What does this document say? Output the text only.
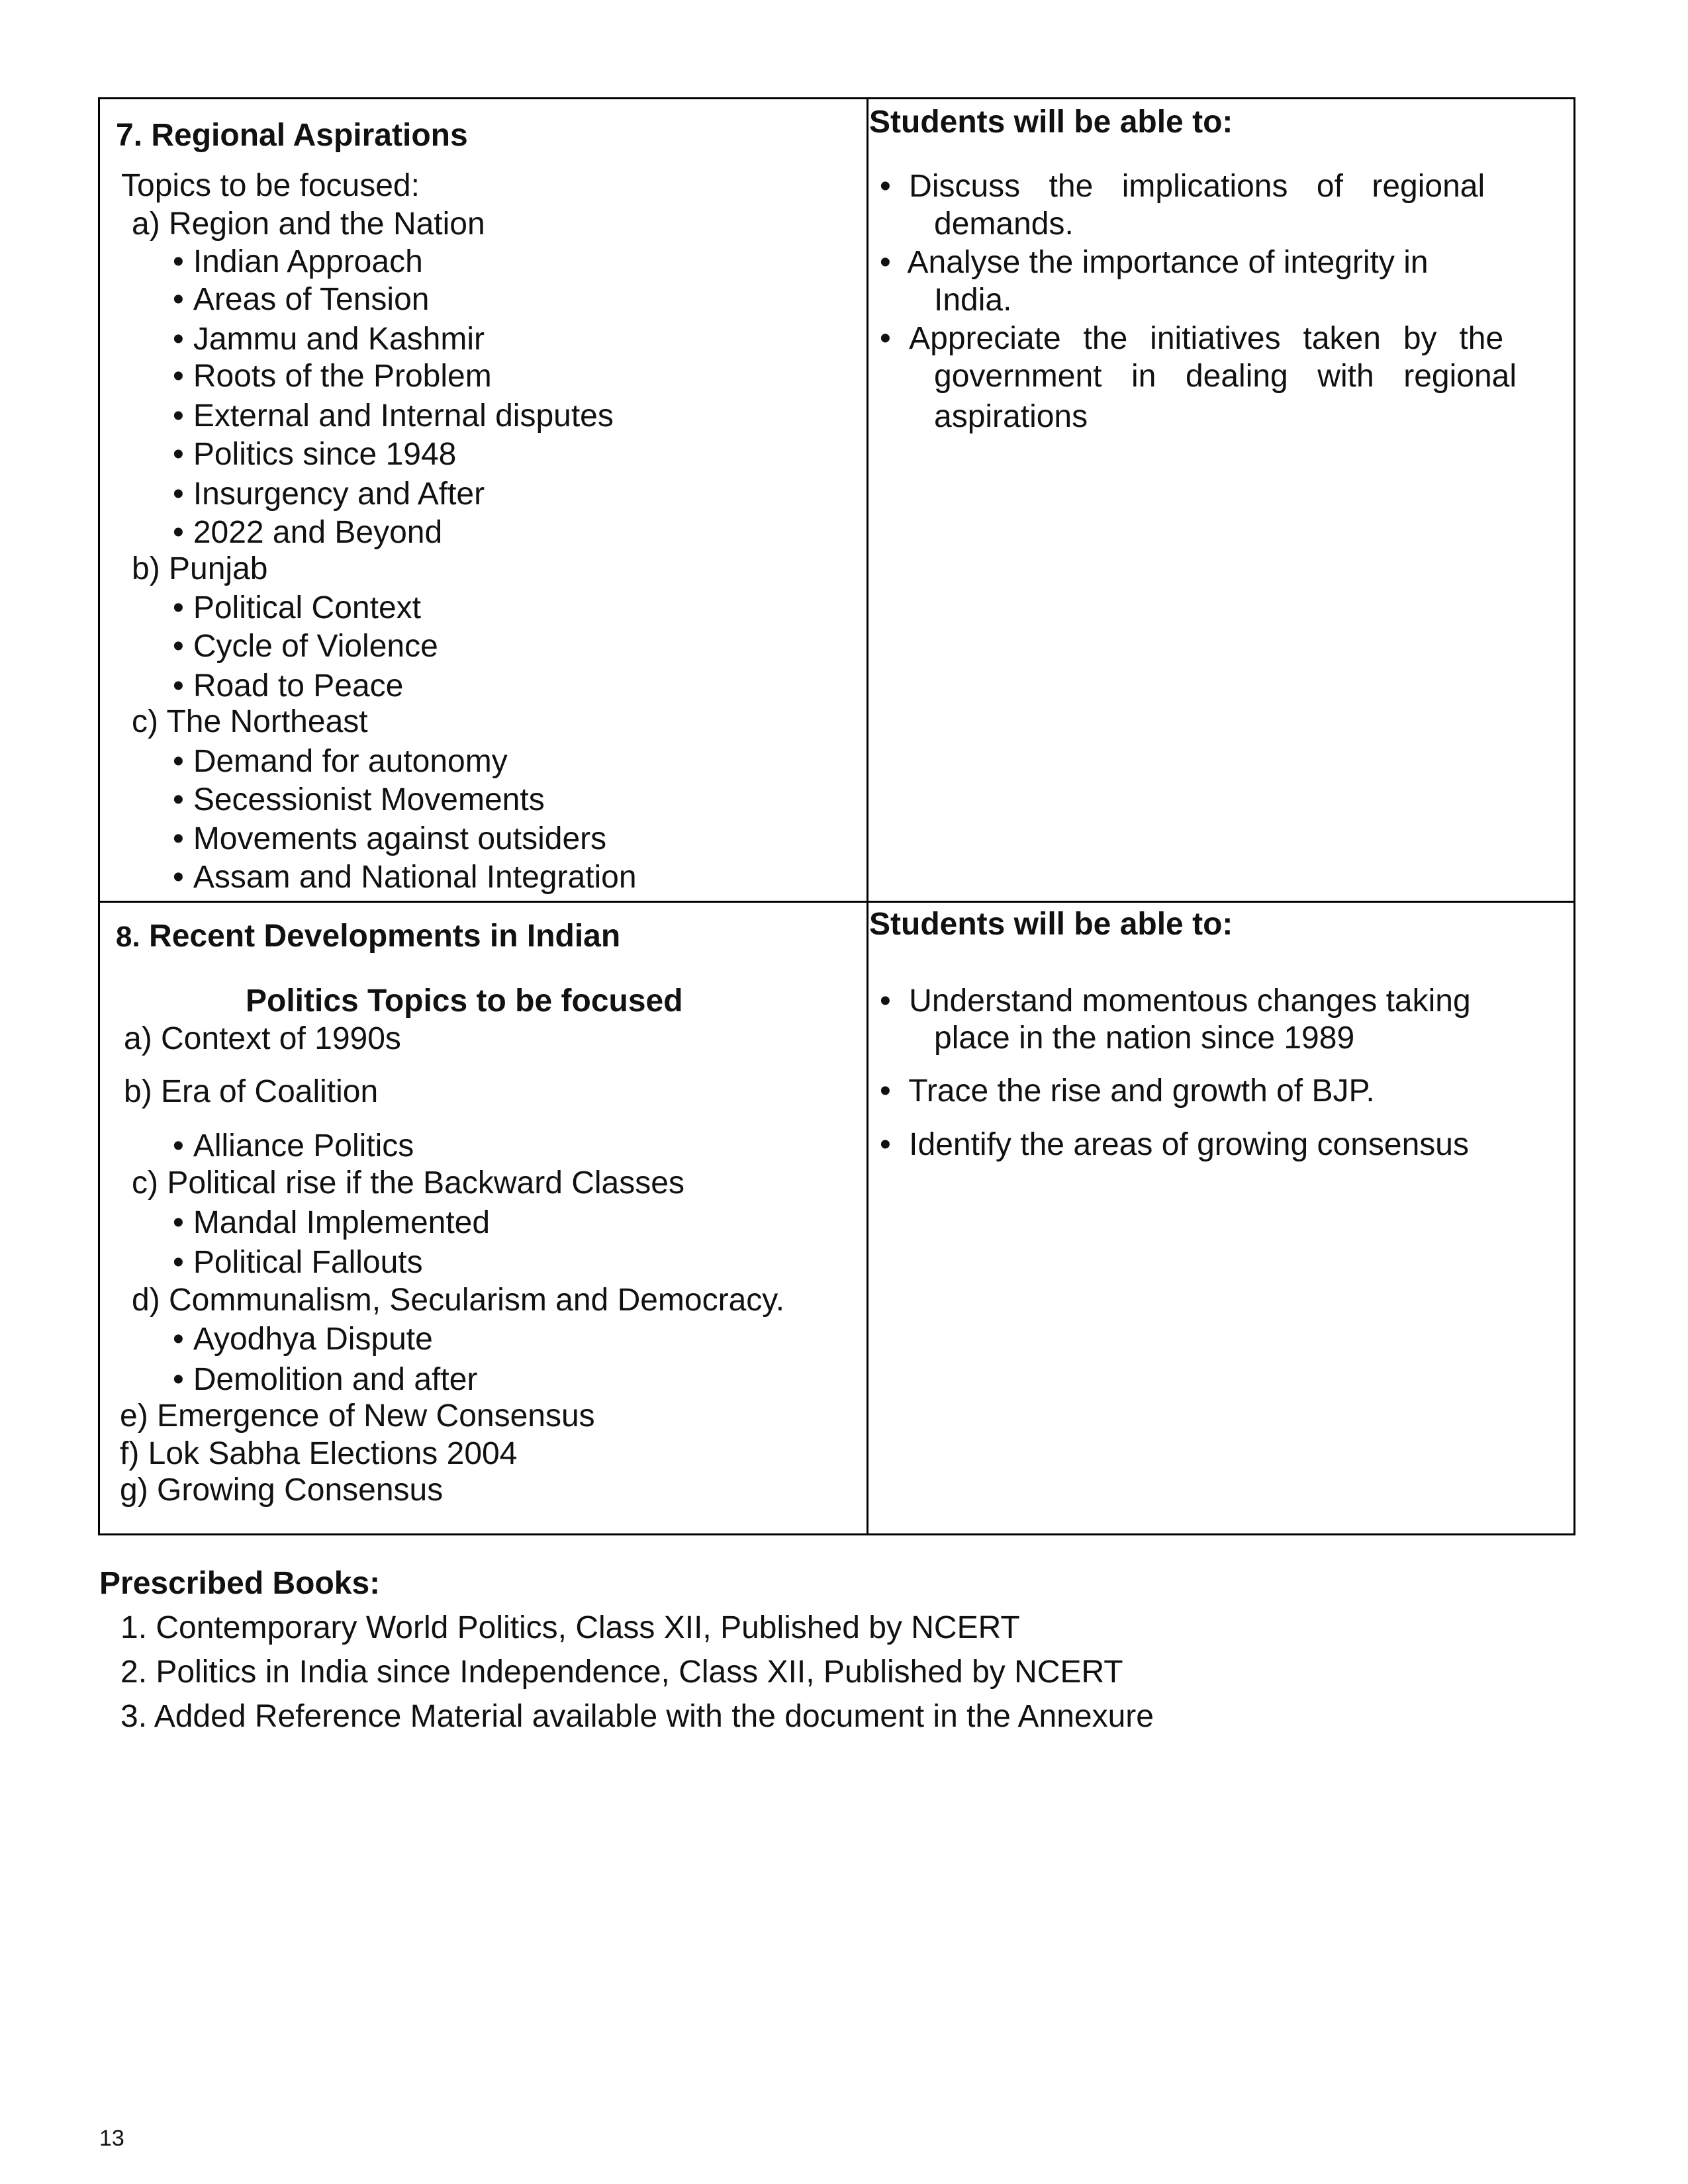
7. Regional Aspirations
Topics to be focused:
a) Region and the Nation
• Indian Approach
• Areas of Tension
• Jammu and Kashmir
• Roots of the Problem
• External and Internal disputes
• Politics since 1948
• Insurgency and After
• 2022 and Beyond
b) Punjab
• Political Context
• Cycle of Violence
• Road to Peace
c) The Northeast
• Demand for autonomy
• Secessionist Movements
• Movements against outsiders
• Assam and National Integration
Students will be able to:
• Discuss the implications of regional
demands.
• Analyse the importance of integrity in
India.
• Appreciate the initiatives taken by the
government in dealing with regional
aspirations
8. Recent Developments in Indian
Politics Topics to be focused
a) Context of 1990s
b) Era of Coalition
• Alliance Politics
c) Political rise if the Backward Classes
• Mandal Implemented
• Political Fallouts
d) Communalism, Secularism and Democracy.
• Ayodhya Dispute
• Demolition and after
e) Emergence of New Consensus
f) Lok Sabha Elections 2004
g) Growing Consensus
Students will be able to:
• Understand momentous changes taking
place in the nation since 1989
• Trace the rise and growth of BJP.
• Identify the areas of growing consensus
Prescribed Books:
1. Contemporary World Politics, Class XII, Published by NCERT
2. Politics in India since Independence, Class XII, Published by NCERT
3. Added Reference Material available with the document in the Annexure
13
